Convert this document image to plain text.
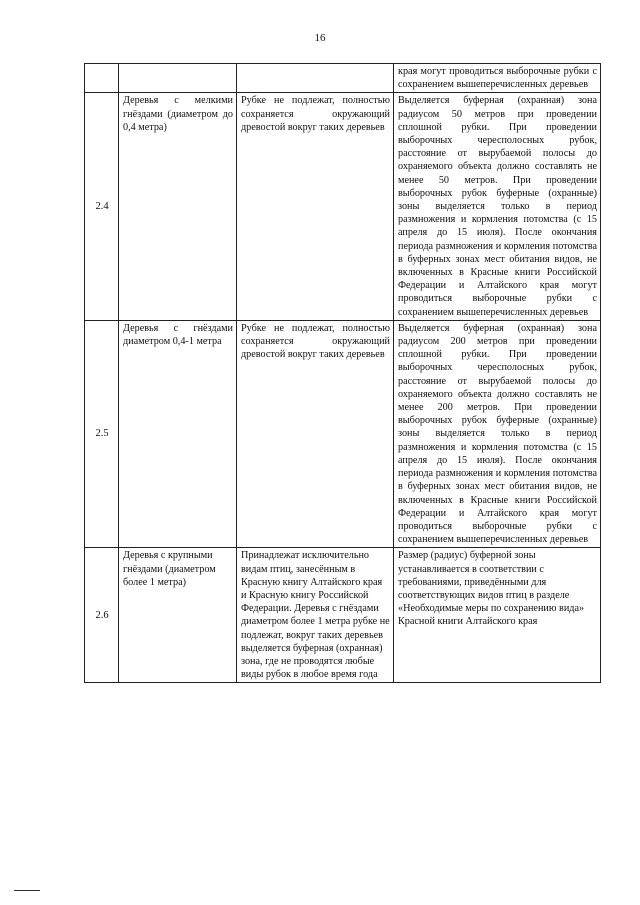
16
			края могут проводиться выборочные рубки с сохранением вышеперечисленных деревьев
2.4	Деревья с мелкими гнёздами (диаметром до 0,4 метра)	Рубке не подлежат, полностью сохраняется окружающий древостой вокруг таких деревьев	Выделяется буферная (охранная) зона радиусом 50 метров при проведении сплошной рубки. При проведении выборочных чересполосных рубок, расстояние от вырубаемой полосы до охраняемого объекта должно составлять не менее 50 метров. При проведении выборочных рубок буферные (охранные) зоны выделяется только в период размножения и кормления потомства (с 15 апреля до 15 июля). После окончания периода размножения и кормления потомства в буферных зонах мест обитания видов, не включенных в Красные книги Российской Федерации и Алтайского края могут проводиться выборочные рубки с сохранением вышеперечисленных деревьев
2.5	Деревья с гнёздами диаметром 0,4-1 метра	Рубке не подлежат, полностью сохраняется окружающий древостой вокруг таких деревьев	Выделяется буферная (охранная) зона радиусом 200 метров при проведении сплошной рубки. При проведении выборочных чересполосных рубок, расстояние от вырубаемой полосы до охраняемого объекта должно составлять не менее 200 метров. При проведении выборочных рубок буферные (охранные) зоны выделяется только в период размножения и кормления потомства (с 15 апреля до 15 июля). После окончания периода размножения и кормления потомства в буферных зонах мест обитания видов, не включенных в Красные книги Российской Федерации и Алтайского края могут проводиться выборочные рубки с сохранением вышеперечисленных деревьев
2.6	Деревья с крупными гнёздами (диаметром более 1 метра)	Принадлежат исключительно видам птиц, занесённым в Красную книгу Алтайского края и Красную книгу Российской Федерации. Деревья с гнёздами диаметром более 1 метра рубке не подлежат, вокруг таких деревьев выделяется буферная (охранная) зона, где не проводятся любые виды рубок в любое время года	Размер (радиус) буферной зоны устанавливается в соответствии с требованиями, приведёнными для соответствующих видов птиц в разделе «Необходимые меры по сохранению вида» Красной книги Алтайского края
